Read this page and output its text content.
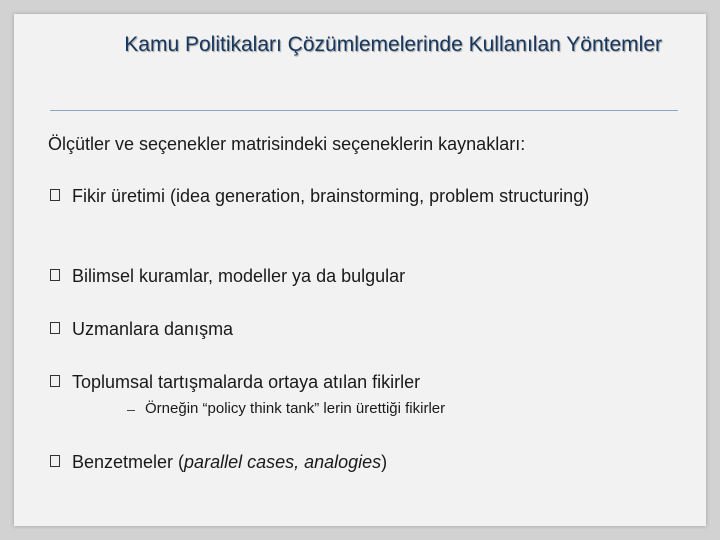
Kamu Politikaları Çözümlemelerinde Kullanılan Yöntemler
Ölçütler ve seçenekler matrisindeki seçeneklerin kaynakları:
Fikir üretimi (idea generation, brainstorming, problem structuring)
Bilimsel kuramlar, modeller ya da bulgular
Uzmanlara danışma
Toplumsal tartışmalarda ortaya atılan fikirler
Örneğin “policy think tank” lerin ürettiği fikirler
Benzetmeler (parallel cases, analogies)
